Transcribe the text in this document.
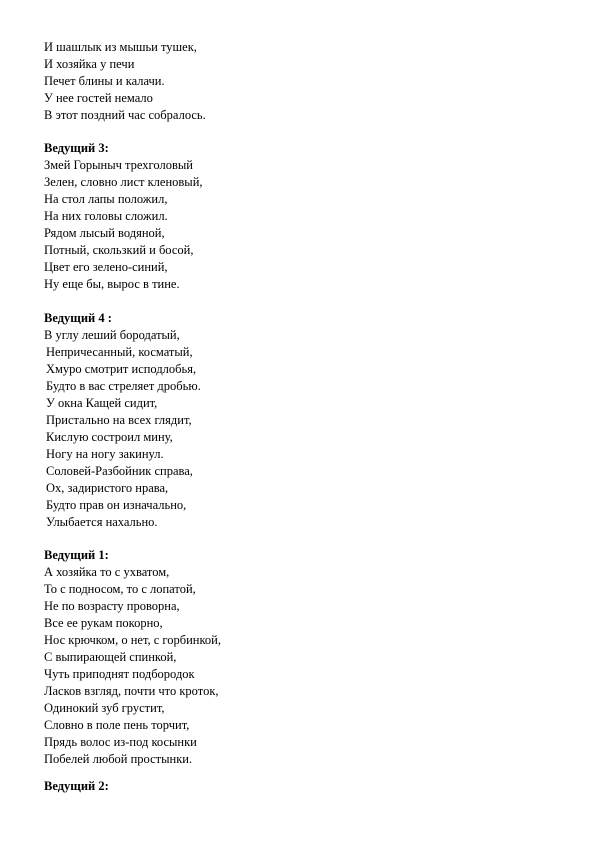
И шашлык из мышьи тушек,
И хозяйка у печи
Печет блины и калачи.
У нее гостей немало
В этот поздний час собралось.
Ведущий 3:
Змей Горыныч трехголовый
Зелен, словно лист кленовый,
На стол лапы положил,
На них головы сложил.
Рядом лысый водяной,
Потный, скользкий и босой,
Цвет его зелено-синий,
Ну еще бы, вырос в тине.
Ведущий 4 :
В углу леший бородатый,
Непричесанный, косматый,
Хмуро смотрит исподлобья,
Будто в вас стреляет дробью.
У окна Кащей сидит,
Пристально на всех глядит,
Кислую состроил мину,
Ногу на ногу закинул.
Соловей-Разбойник справа,
Ох, задиристого нрава,
Будто прав он изначально,
Улыбается нахально.
Ведущий 1:
А хозяйка то с ухватом,
То с подносом, то с лопатой,
Не по возрасту проворна,
Все ее рукам покорно,
Нос крючком, о нет, с горбинкой,
С выпирающей спинкой,
Чуть приподнят подбородок
Ласков взгляд, почти что кроток,
Одинокий зуб грустит,
Словно в поле пень торчит,
Прядь волос из-под косынки
Побелей любой простынки.
Ведущий 2:
